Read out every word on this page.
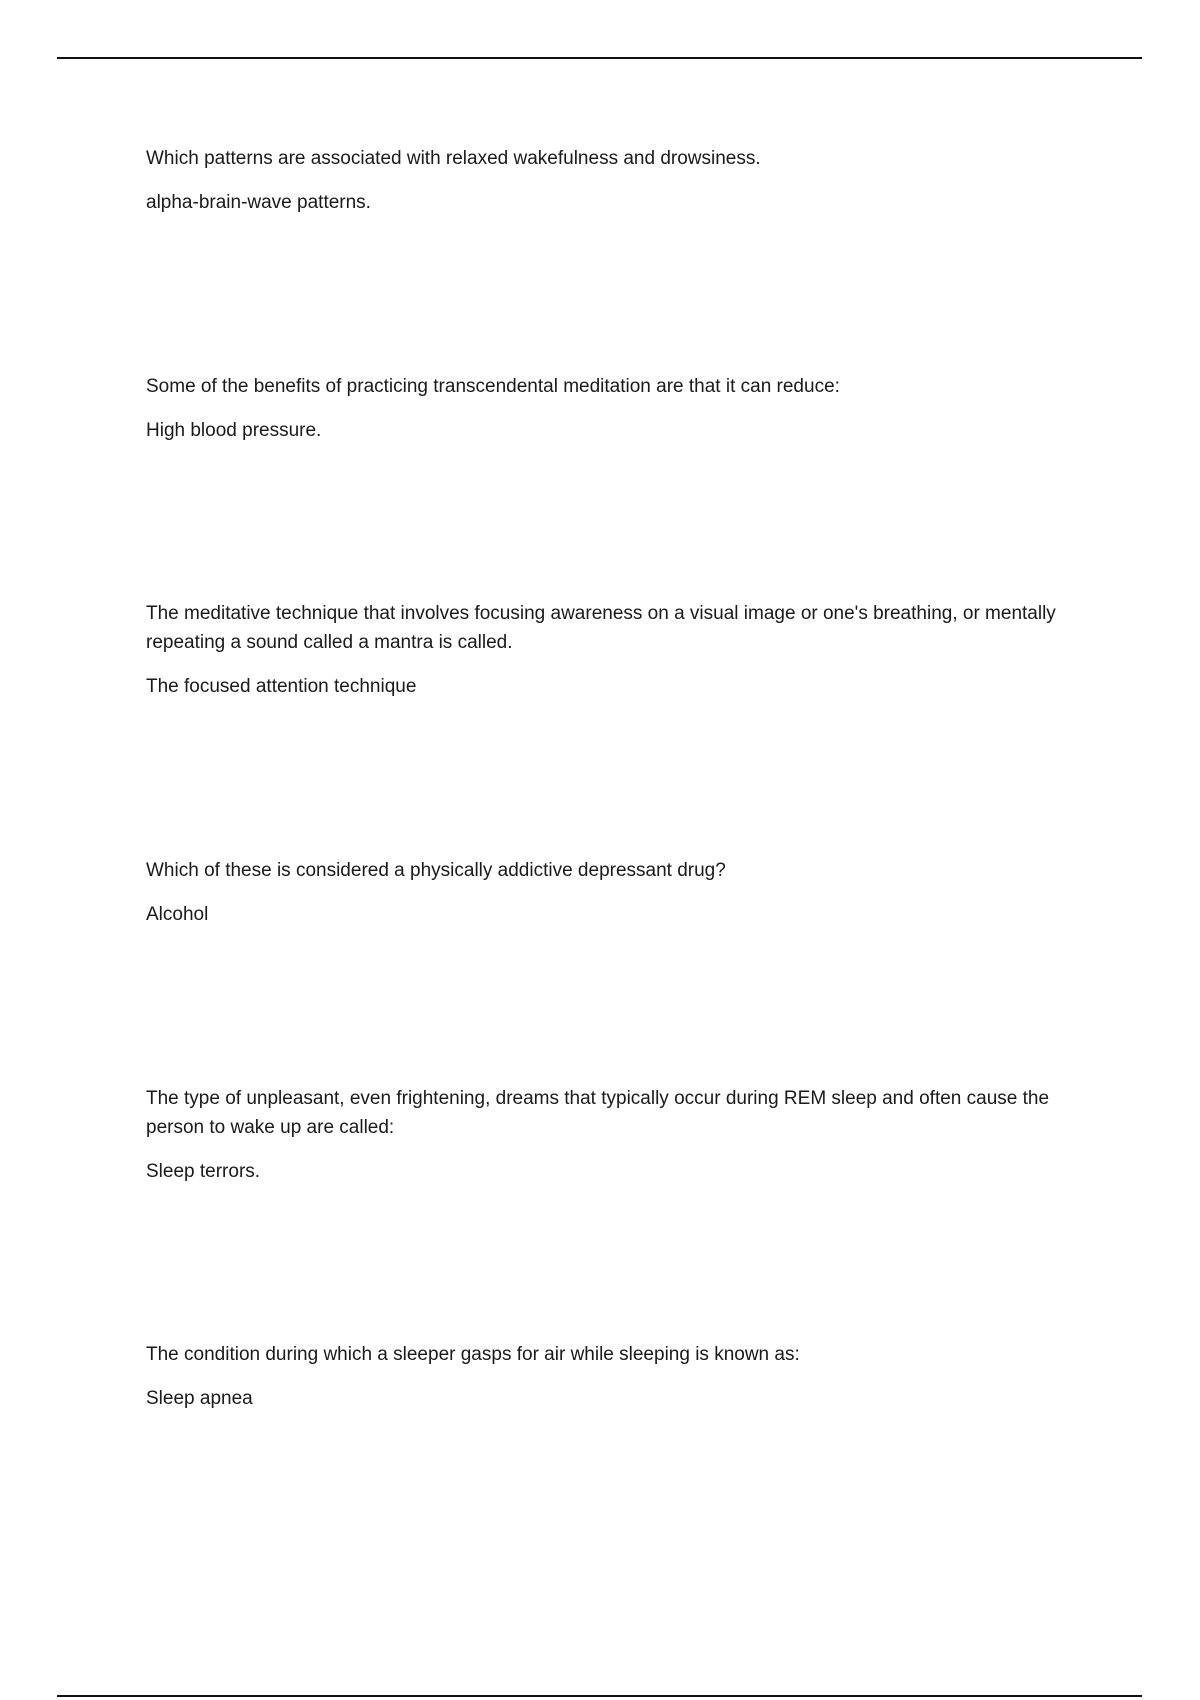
Which patterns are associated with relaxed wakefulness and drowsiness.

alpha-brain-wave patterns.

Some of the benefits of practicing transcendental meditation are that it can reduce:

High blood pressure.

The meditative technique that involves focusing awareness on a visual image or one's breathing, or mentally repeating a sound called a mantra is called.

The focused attention technique

Which of these is considered a physically addictive depressant drug?

Alcohol

The type of unpleasant, even frightening, dreams that typically occur during REM sleep and often cause the person to wake up are called:

Sleep terrors.

The condition during which a sleeper gasps for air while sleeping is known as:

Sleep apnea
